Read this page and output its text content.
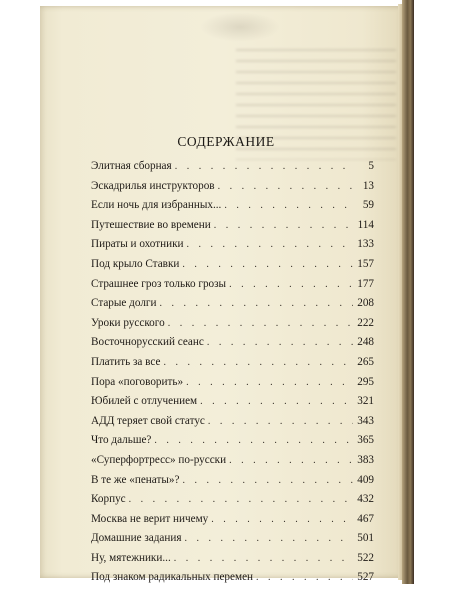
СОДЕРЖАНИЕ
Элитная сборная . . .	5
Эскадрилья инструкторов . . .	13
Если ночь для избранных... . . .	59
Путешествие во времени . . .	114
Пираты и охотники . . .	133
Под крыло Ставки . . .	157
Страшнее гроз только грозы . . .	177
Старые долги . . .	208
Уроки русского . . .	222
Восточнорусский сеанс . . .	248
Платить за все . . .	265
Пора «поговорить» . . .	295
Юбилей с отлучением . . .	321
АДД теряет свой статус . . .	343
Что дальше? . . .	365
«Суперфортресс» по-русски . . .	383
В те же «пенаты»? . . .	409
Корпус . . .	432
Москва не верит ничему . . .	467
Домашние задания . . .	501
Ну, мятежники... . . .	522
Под знаком радикальных перемен . . .	527
